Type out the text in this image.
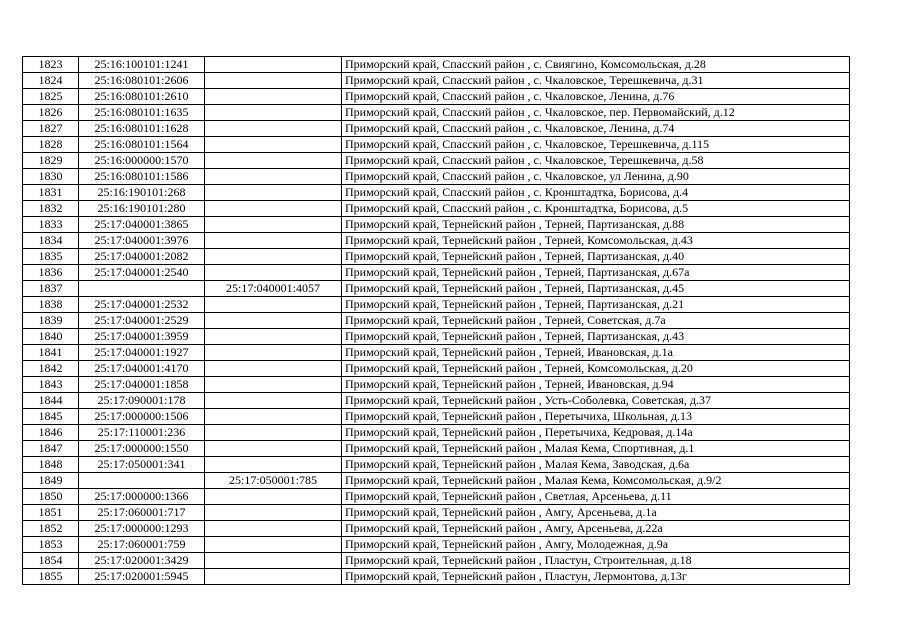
1823	25:16:100101:1241		Приморский край, Спасский район , с. Свиягино, Комсомольская, д.28
1824	25:16:080101:2606		Приморский край, Спасский район , с. Чкаловское, Терешкевича, д.31
1825	25:16:080101:2610		Приморский край, Спасский район , с. Чкаловское, Ленина, д.76
1826	25:16:080101:1635		Приморский край, Спасский район , с. Чкаловское, пер. Первомайский, д.12
1827	25:16:080101:1628		Приморский край, Спасский район , с. Чкаловское, Ленина, д.74
1828	25:16:080101:1564		Приморский край, Спасский район , с. Чкаловское, Терешкевича, д.115
1829	25:16:000000:1570		Приморский край, Спасский район , с. Чкаловское, Терешкевича, д.58
1830	25:16:080101:1586		Приморский край, Спасский район , с. Чкаловское, ул Ленина, д.90
1831	25:16:190101:268		Приморский край, Спасский район , с. Кронштадтка, Борисова, д.4
1832	25:16:190101:280		Приморский край, Спасский район , с. Кронштадтка, Борисова, д.5
1833	25:17:040001:3865		Приморский край, Тернейский район , Терней, Партизанская, д.88
1834	25:17:040001:3976		Приморский край, Тернейский район , Терней, Комсомольская, д.43
1835	25:17:040001:2082		Приморский край, Тернейский район , Терней, Партизанская, д.40
1836	25:17:040001:2540		Приморский край, Тернейский район , Терней, Партизанская, д.67а
1837		25:17:040001:4057	Приморский край, Тернейский район , Терней, Партизанская, д.45
1838	25:17:040001:2532		Приморский край, Тернейский район , Терней, Партизанская, д.21
1839	25:17:040001:2529		Приморский край, Тернейский район , Терней, Советская, д.7а
1840	25:17:040001:3959		Приморский край, Тернейский район , Терней, Партизанская, д.43
1841	25:17:040001:1927		Приморский край, Тернейский район , Терней, Ивановская, д.1а
1842	25:17:040001:4170		Приморский край, Тернейский район , Терней, Комсомольская, д.20
1843	25:17:040001:1858		Приморский край, Тернейский район , Терней, Ивановская, д.94
1844	25:17:090001:178		Приморский край, Тернейский район , Усть-Соболевка, Советская, д.37
1845	25:17:000000:1506		Приморский край, Тернейский район , Перетычиха, Школьная, д.13
1846	25:17:110001:236		Приморский край, Тернейский район , Перетычиха, Кедровая, д.14а
1847	25:17:000000:1550		Приморский край, Тернейский район , Малая Кема, Спортивная, д.1
1848	25:17:050001:341		Приморский край, Тернейский район , Малая Кема, Заводская, д.6а
1849		25:17:050001:785	Приморский край, Тернейский район , Малая Кема, Комсомольская, д.9/2
1850	25:17:000000:1366		Приморский край, Тернейский район , Светлая, Арсеньева, д.11
1851	25:17:060001:717		Приморский край, Тернейский район , Амгу, Арсеньева, д.1а
1852	25:17:000000:1293		Приморский край, Тернейский район , Амгу, Арсеньева, д.22а
1853	25:17:060001:759		Приморский край, Тернейский район , Амгу, Молодежная, д.9а
1854	25:17:020001:3429		Приморский край, Тернейский район , Пластун, Строительная, д.18
1855	25:17:020001:5945		Приморский край, Тернейский район , Пластун, Лермонтова, д.13г
